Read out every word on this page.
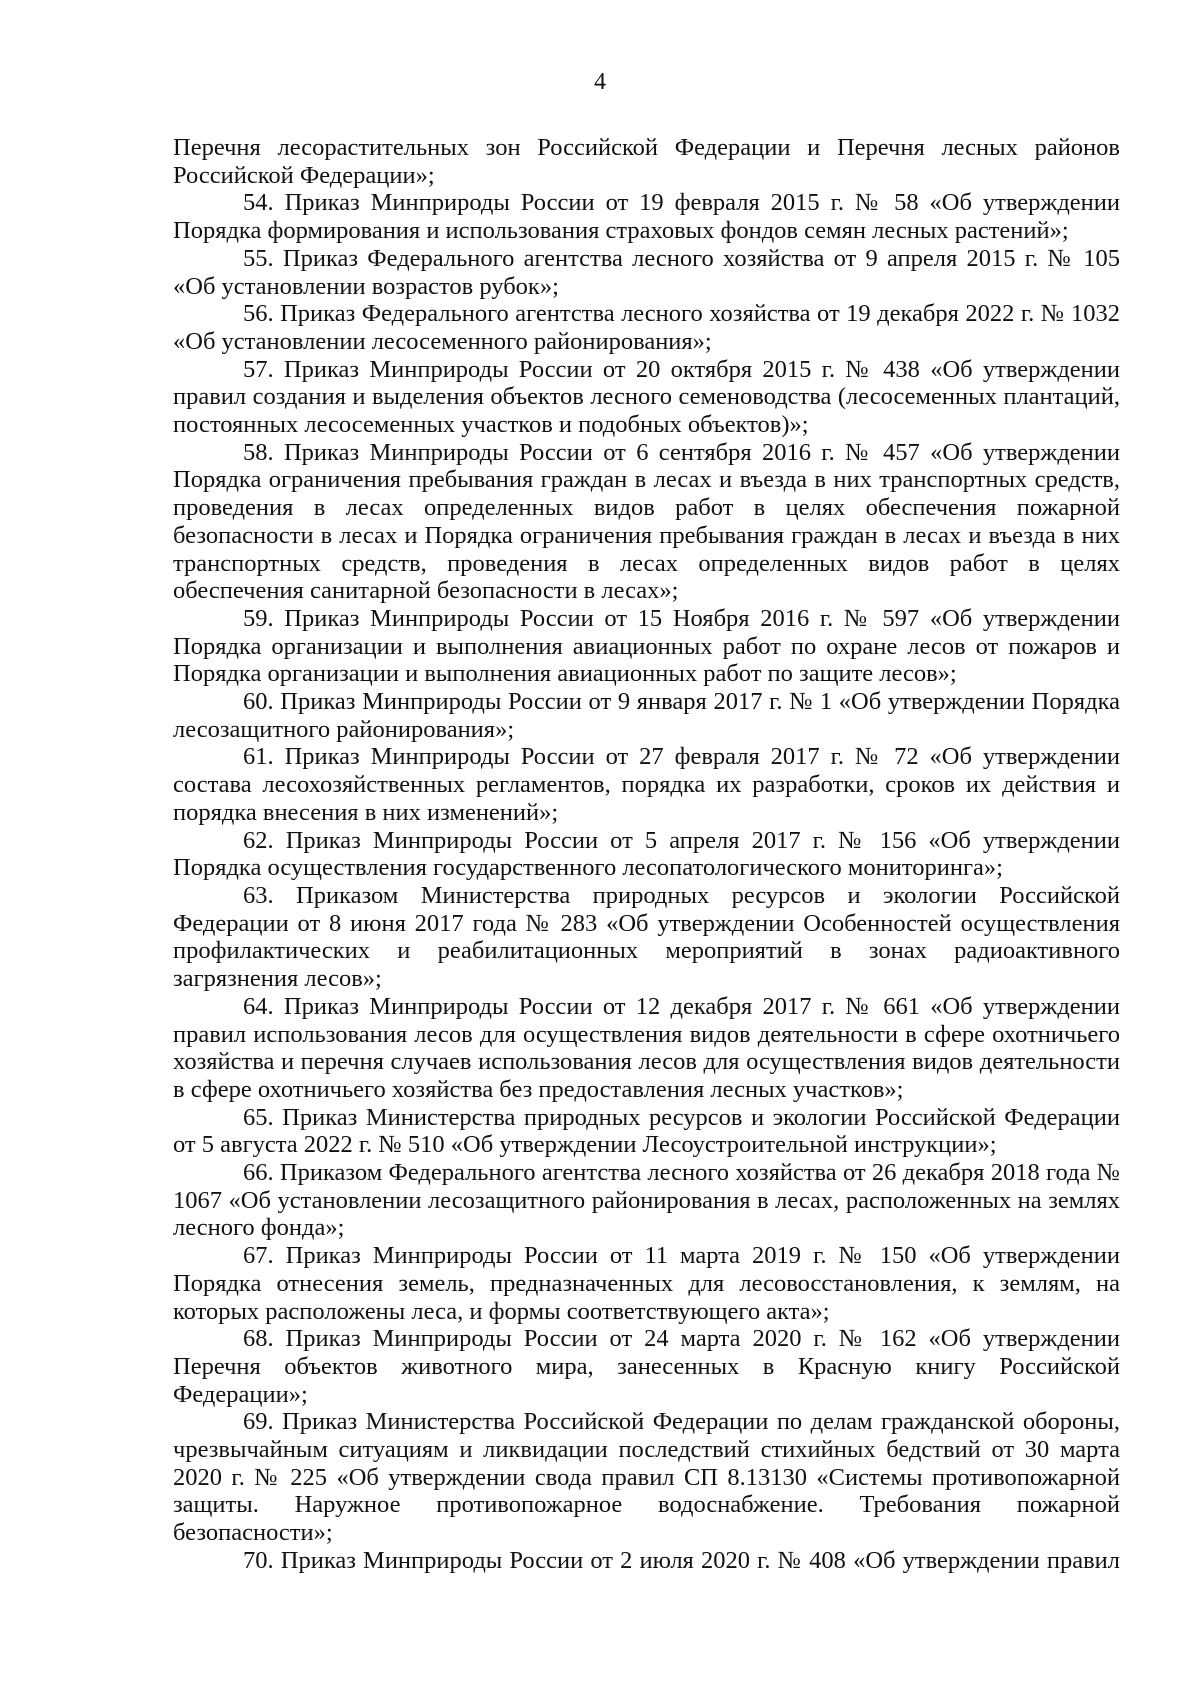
4

Перечня лесорастительных зон Российской Федерации и Перечня лесных районов Российской Федерации»;

54. Приказ Минприроды России от 19 февраля 2015 г. № 58 «Об утверждении Порядка формирования и использования страховых фондов семян лесных растений»;

55. Приказ Федерального агентства лесного хозяйства от 9 апреля 2015 г. № 105 «Об установлении возрастов рубок»;

56. Приказ Федерального агентства лесного хозяйства от 19 декабря 2022 г. № 1032 «Об установлении лесосеменного районирования»;

57. Приказ Минприроды России от 20 октября 2015 г. № 438 «Об утверждении правил создания и выделения объектов лесного семеноводства (лесосеменных плантаций, постоянных лесосеменных участков и подобных объектов)»;

58. Приказ Минприроды России от 6 сентября 2016 г. № 457 «Об утверждении Порядка ограничения пребывания граждан в лесах и въезда в них транспортных средств, проведения в лесах определенных видов работ в целях обеспечения пожарной безопасности в лесах и Порядка ограничения пребывания граждан в лесах и въезда в них транспортных средств, проведения в лесах определенных видов работ в целях обеспечения санитарной безопасности в лесах»;

59. Приказ Минприроды России от 15 Ноября 2016 г. № 597 «Об утверждении Порядка организации и выполнения авиационных работ по охране лесов от пожаров и Порядка организации и выполнения авиационных работ по защите лесов»;

60. Приказ Минприроды России от 9 января 2017 г. № 1 «Об утверждении Порядка лесозащитного районирования»;

61. Приказ Минприроды России от 27 февраля 2017 г. № 72 «Об утверждении состава лесохозяйственных регламентов, порядка их разработки, сроков их действия и порядка внесения в них изменений»;

62. Приказ Минприроды России от 5 апреля 2017 г. № 156 «Об утверждении Порядка осуществления государственного лесопатологического мониторинга»;

63. Приказом Министерства природных ресурсов и экологии Российской Федерации от 8 июня 2017 года № 283 «Об утверждении Особенностей осуществления профилактических и реабилитационных мероприятий в зонах радиоактивного загрязнения лесов»;

64. Приказ Минприроды России от 12 декабря 2017 г. № 661 «Об утверждении правил использования лесов для осуществления видов деятельности в сфере охотничьего хозяйства и перечня случаев использования лесов для осуществления видов деятельности в сфере охотничьего хозяйства без предоставления лесных участков»;

65. Приказ Министерства природных ресурсов и экологии Российской Федерации от 5 августа 2022 г. № 510 «Об утверждении Лесоустроительной инструкции»;

66. Приказом Федерального агентства лесного хозяйства от 26 декабря 2018 года № 1067 «Об установлении лесозащитного районирования в лесах, расположенных на землях лесного фонда»;

67. Приказ Минприроды России от 11 марта 2019 г. № 150 «Об утверждении Порядка отнесения земель, предназначенных для лесовосстановления, к землям, на которых расположены леса, и формы соответствующего акта»;

68. Приказ Минприроды России от 24 марта 2020 г. № 162 «Об утверждении Перечня объектов животного мира, занесенных в Красную книгу Российской Федерации»;

69. Приказ Министерства Российской Федерации по делам гражданской обороны, чрезвычайным ситуациям и ликвидации последствий стихийных бедствий от 30 марта 2020 г. № 225 «Об утверждении свода правил СП 8.13130 «Системы противопожарной защиты. Наружное противопожарное водоснабжение. Требования пожарной безопасности»;

70. Приказ Минприроды России от 2 июля 2020 г. № 408 «Об утверждении правил
